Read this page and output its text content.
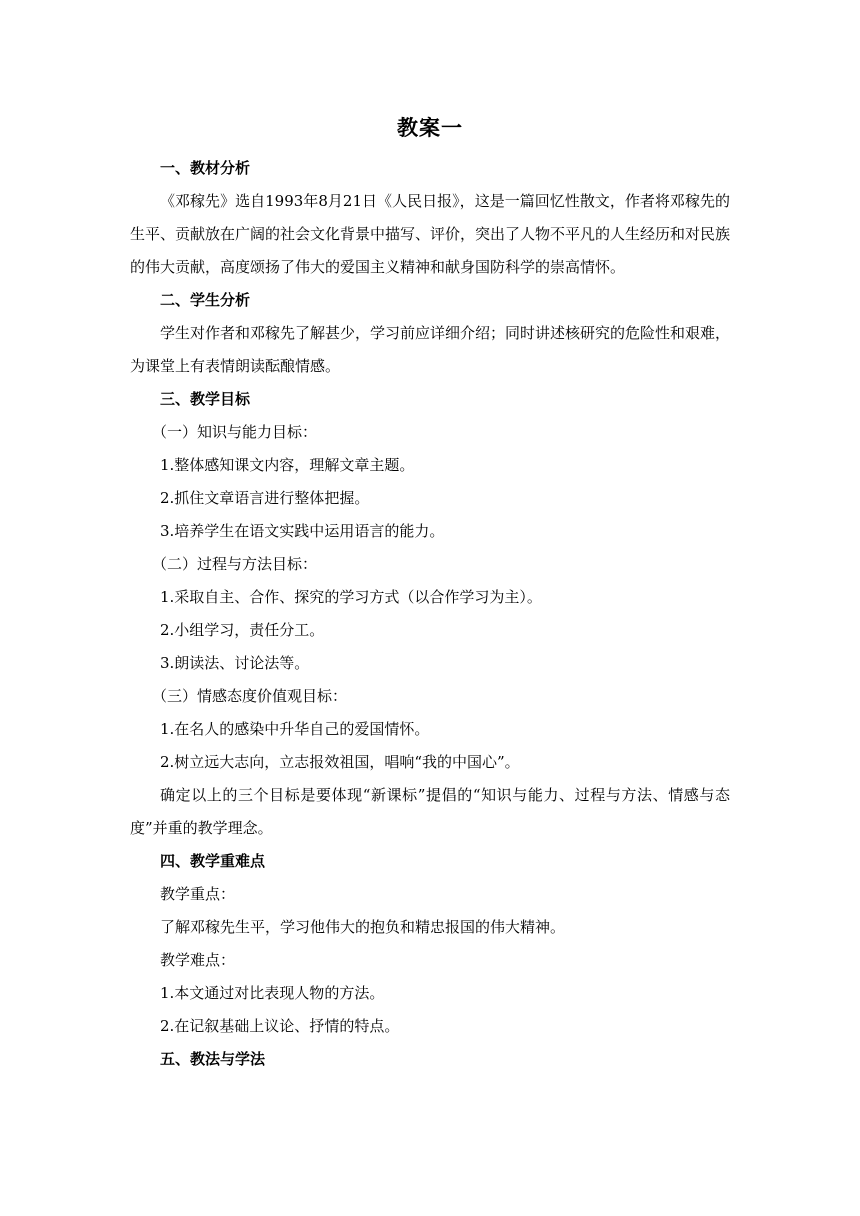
教案一

一、教材分析

《邓稼先》选自1993年8月21日《人民日报》，这是一篇回忆性散文，作者将邓稼先的生平、贡献放在广阔的社会文化背景中描写、评价，突出了人物不平凡的人生经历和对民族的伟大贡献，高度颂扬了伟大的爱国主义精神和献身国防科学的崇高情怀。

二、学生分析

学生对作者和邓稼先了解甚少，学习前应详细介绍；同时讲述核研究的危险性和艰难，为课堂上有表情朗读酝酿情感。

三、教学目标

（一）知识与能力目标：

1.整体感知课文内容，理解文章主题。

2.抓住文章语言进行整体把握。

3.培养学生在语文实践中运用语言的能力。

（二）过程与方法目标：

1.采取自主、合作、探究的学习方式（以合作学习为主）。

2.小组学习，责任分工。

3.朗读法、讨论法等。

（三）情感态度价值观目标：

1.在名人的感染中升华自己的爱国情怀。

2.树立远大志向，立志报效祖国，唱响“我的中国心”。

确定以上的三个目标是要体现“新课标”提倡的“知识与能力、过程与方法、情感与态度”并重的教学理念。

四、教学重难点

教学重点：

了解邓稼先生平，学习他伟大的抱负和精忠报国的伟大精神。

教学难点：

1.本文通过对比表现人物的方法。

2.在记叙基础上议论、抒情的特点。

五、教法与学法
